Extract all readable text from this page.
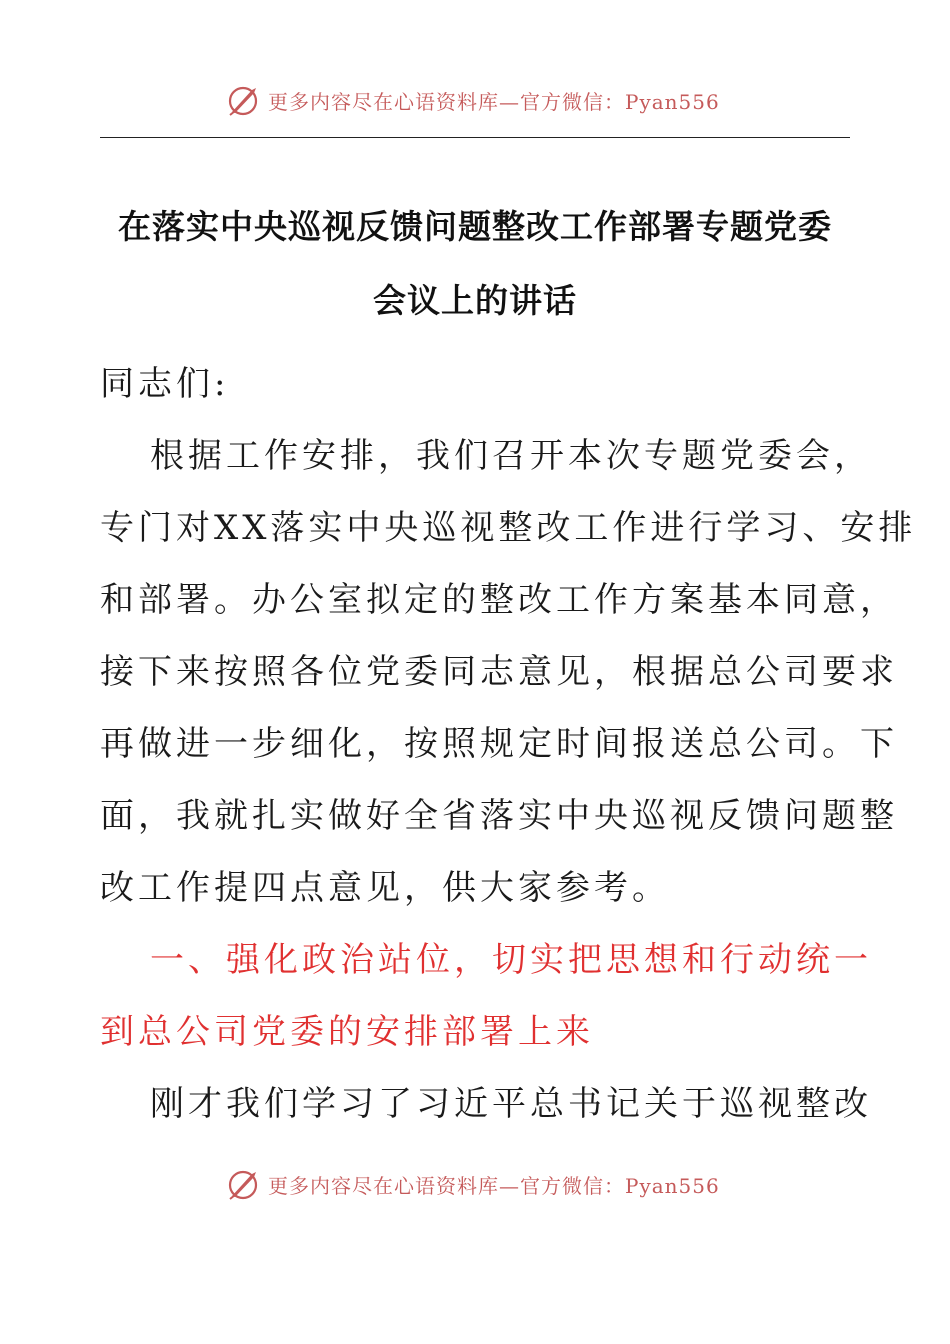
更多内容尽在心语资料库—官方微信：Pyan556
在落实中央巡视反馈问题整改工作部署专题党委
会议上的讲话
同志们:
根据工作安排，我们召开本次专题党委会，
专门对XX落实中央巡视整改工作进行学习、安排
和部署。办公室拟定的整改工作方案基本同意，
接下来按照各位党委同志意见，根据总公司要求
再做进一步细化，按照规定时间报送总公司。下
面，我就扎实做好全省落实中央巡视反馈问题整
改工作提四点意见，供大家参考。
一、强化政治站位，切实把思想和行动统一
到总公司党委的安排部署上来
刚才我们学习了习近平总书记关于巡视整改
更多内容尽在心语资料库—官方微信：Pyan556
